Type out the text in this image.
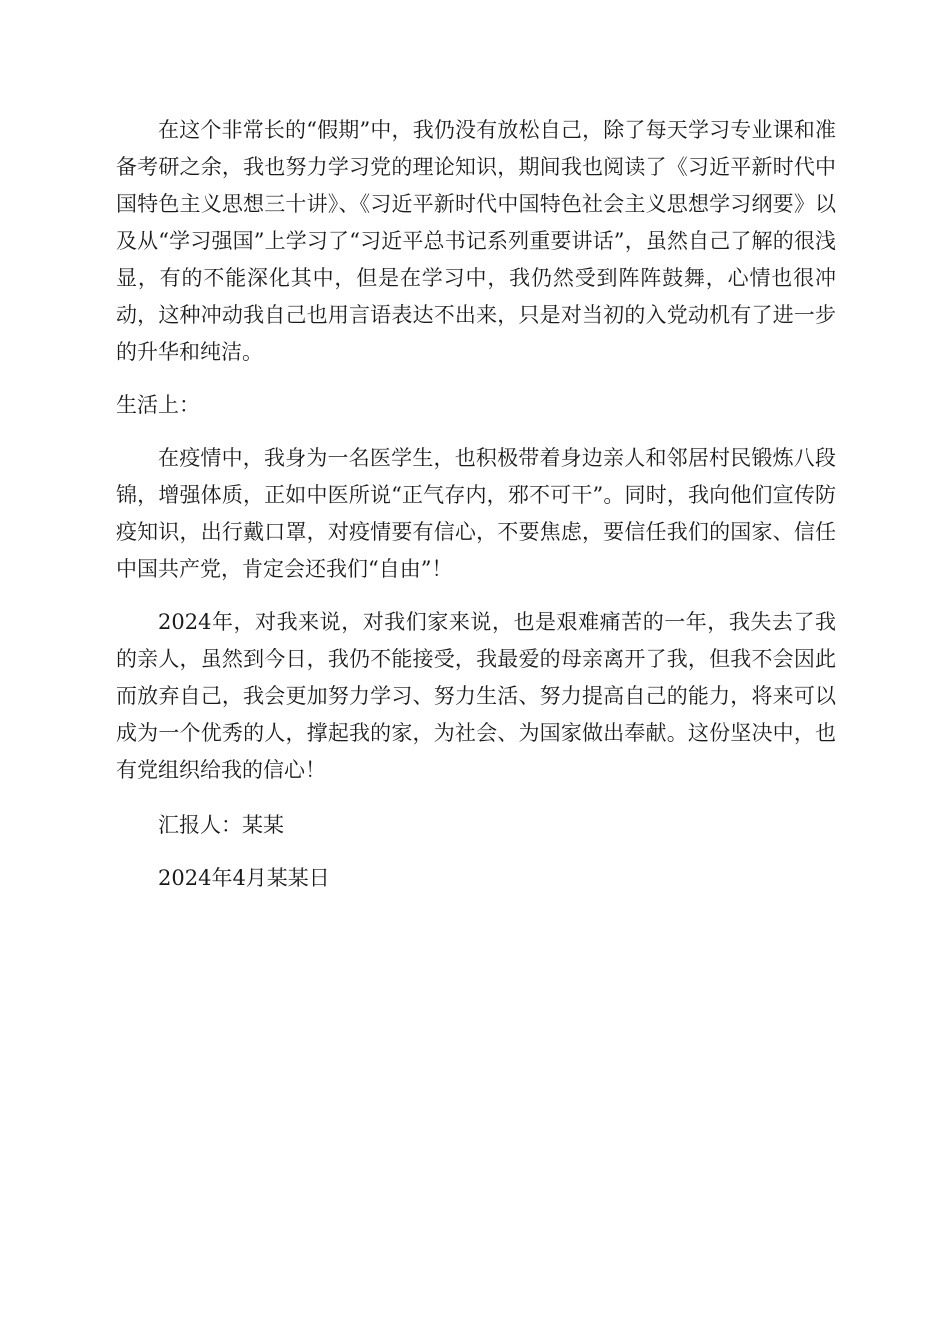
在这个非常长的“假期”中，我仍没有放松自己，除了每天学习专业课和准备考研之余，我也努力学习党的理论知识，期间我也阅读了《习近平新时代中国特色主义思想三十讲》、《习近平新时代中国特色社会主义思想学习纲要》以及从“学习强国”上学习了“习近平总书记系列重要讲话”，虽然自己了解的很浅显，有的不能深化其中，但是在学习中，我仍然受到阵阵鼓舞，心情也很冲动，这种冲动我自己也用言语表达不出来，只是对当初的入党动机有了进一步的升华和纯洁。

生活上：

在疫情中，我身为一名医学生，也积极带着身边亲人和邻居村民锻炼八段锦，增强体质，正如中医所说“正气存内，邪不可干”。同时，我向他们宣传防疫知识，出行戴口罩，对疫情要有信心，不要焦虑，要信任我们的国家、信任中国共产党，肯定会还我们“自由”！

2024年，对我来说，对我们家来说，也是艰难痛苦的一年，我失去了我的亲人，虽然到今日，我仍不能接受，我最爱的母亲离开了我，但我不会因此而放弃自己，我会更加努力学习、努力生活、努力提高自己的能力，将来可以成为一个优秀的人，撑起我的家，为社会、为国家做出奉献。这份坚决中，也有党组织给我的信心！

汇报人：某某

2024年4月某某日
